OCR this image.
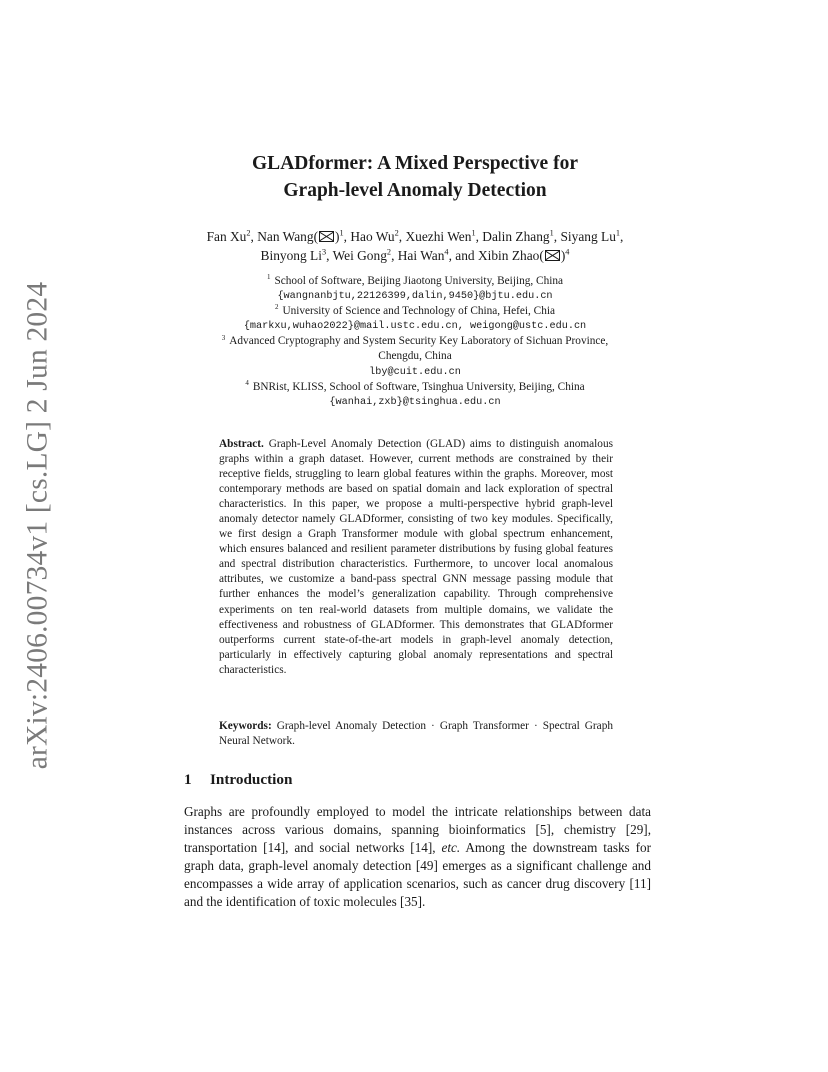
arXiv:2406.00734v1 [cs.LG] 2 Jun 2024
GLADformer: A Mixed Perspective for
Graph-level Anomaly Detection
Fan Xu$^2$, Nan Wang( )$^1$, Hao Wu$^2$, Xuezhi Wen$^1$, Dalin Zhang$^1$, Siyang Lu$^1$,
Binyong Li$^3$, Wei Gong$^2$, Hai Wan$^4$, and Xibin Zhao( )$^4$
$^1$ School of Software, Beijing Jiaotong University, Beijing, China
{wangnanbjtu,22126399,dalin,9450}@bjtu.edu.cn
$^2$ University of Science and Technology of China, Hefei, Chia
{markxu,wuhao2022}@mail.ustc.edu.cn, weigong@ustc.edu.cn
$^3$ Advanced Cryptography and System Security Key Laboratory of Sichuan Province,
Chengdu, China
lby@cuit.edu.cn
$^4$ BNRist, KLISS, School of Software, Tsinghua University, Beijing, China
{wanhai,zxb}@tsinghua.edu.cn
Abstract. Graph-Level Anomaly Detection (GLAD) aims to distinguish anomalous graphs within a graph dataset. However, current methods are constrained by their receptive fields, struggling to learn global features within the graphs. Moreover, most contemporary methods are based on spatial domain and lack exploration of spectral characteristics. In this paper, we propose a multi-perspective hybrid graph-level anomaly detector namely GLADformer, consisting of two key modules. Specifically, we first design a Graph Transformer module with global spectrum enhancement, which ensures balanced and resilient parameter distributions by fusing global features and spectral distribution characteristics. Furthermore, to uncover local anomalous attributes, we customize a band-pass spectral GNN message passing module that further enhances the model’s generalization capability. Through comprehensive experiments on ten real-world datasets from multiple domains, we validate the effectiveness and robustness of GLADformer. This demonstrates that GLADformer outperforms current state-of-the-art models in graph-level anomaly detection, particularly in effectively capturing global anomaly representations and spectral characteristics.
Keywords: Graph-level Anomaly Detection · Graph Transformer · Spectral Graph Neural Network.
1 Introduction
Graphs are profoundly employed to model the intricate relationships between data instances across various domains, spanning bioinformatics [5], chemistry [29], transportation [14], and social networks [14], etc. Among the downstream tasks for graph data, graph-level anomaly detection [49] emerges as a significant challenge and encompasses a wide array of application scenarios, such as cancer drug discovery [11] and the identification of toxic molecules [35].
